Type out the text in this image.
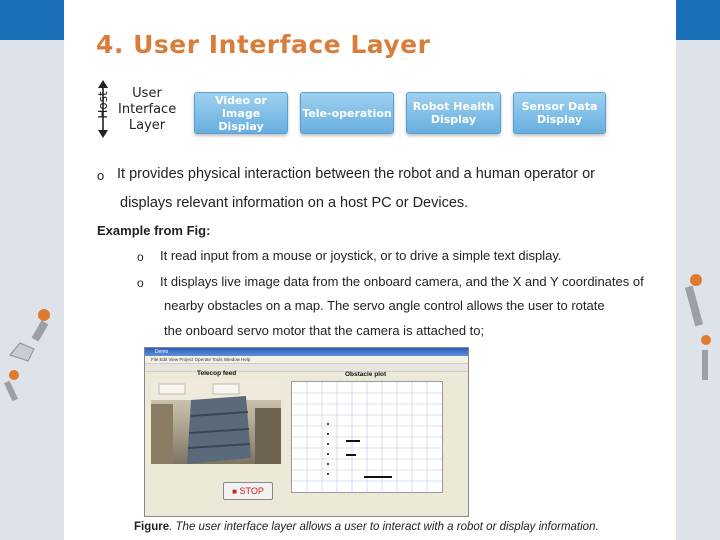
4. User Interface Layer
Host	User
Interface
Layer
Video or Image
Display
Tele-operation Robot Health
Display
Sensor Data
Display
o It provides physical interaction between the robot and a human operator or
displays relevant information on a host PC or Devices.
Example from Fig:
o It read input from a mouse or joystick, or to drive a simple text display.
o It displays live image data from the onboard camera, and the X and Y coordinates of
nearby obstacles on a map. The servo angle control allows the user to rotate
the onboard servo motor that the camera is attached to;
Demo
File Edit View Project Operate Tools Window Help
Telecop feed	Obstacle plot
■ STOP
Figure. The user interface layer allows a user to interact with a robot or display information.
